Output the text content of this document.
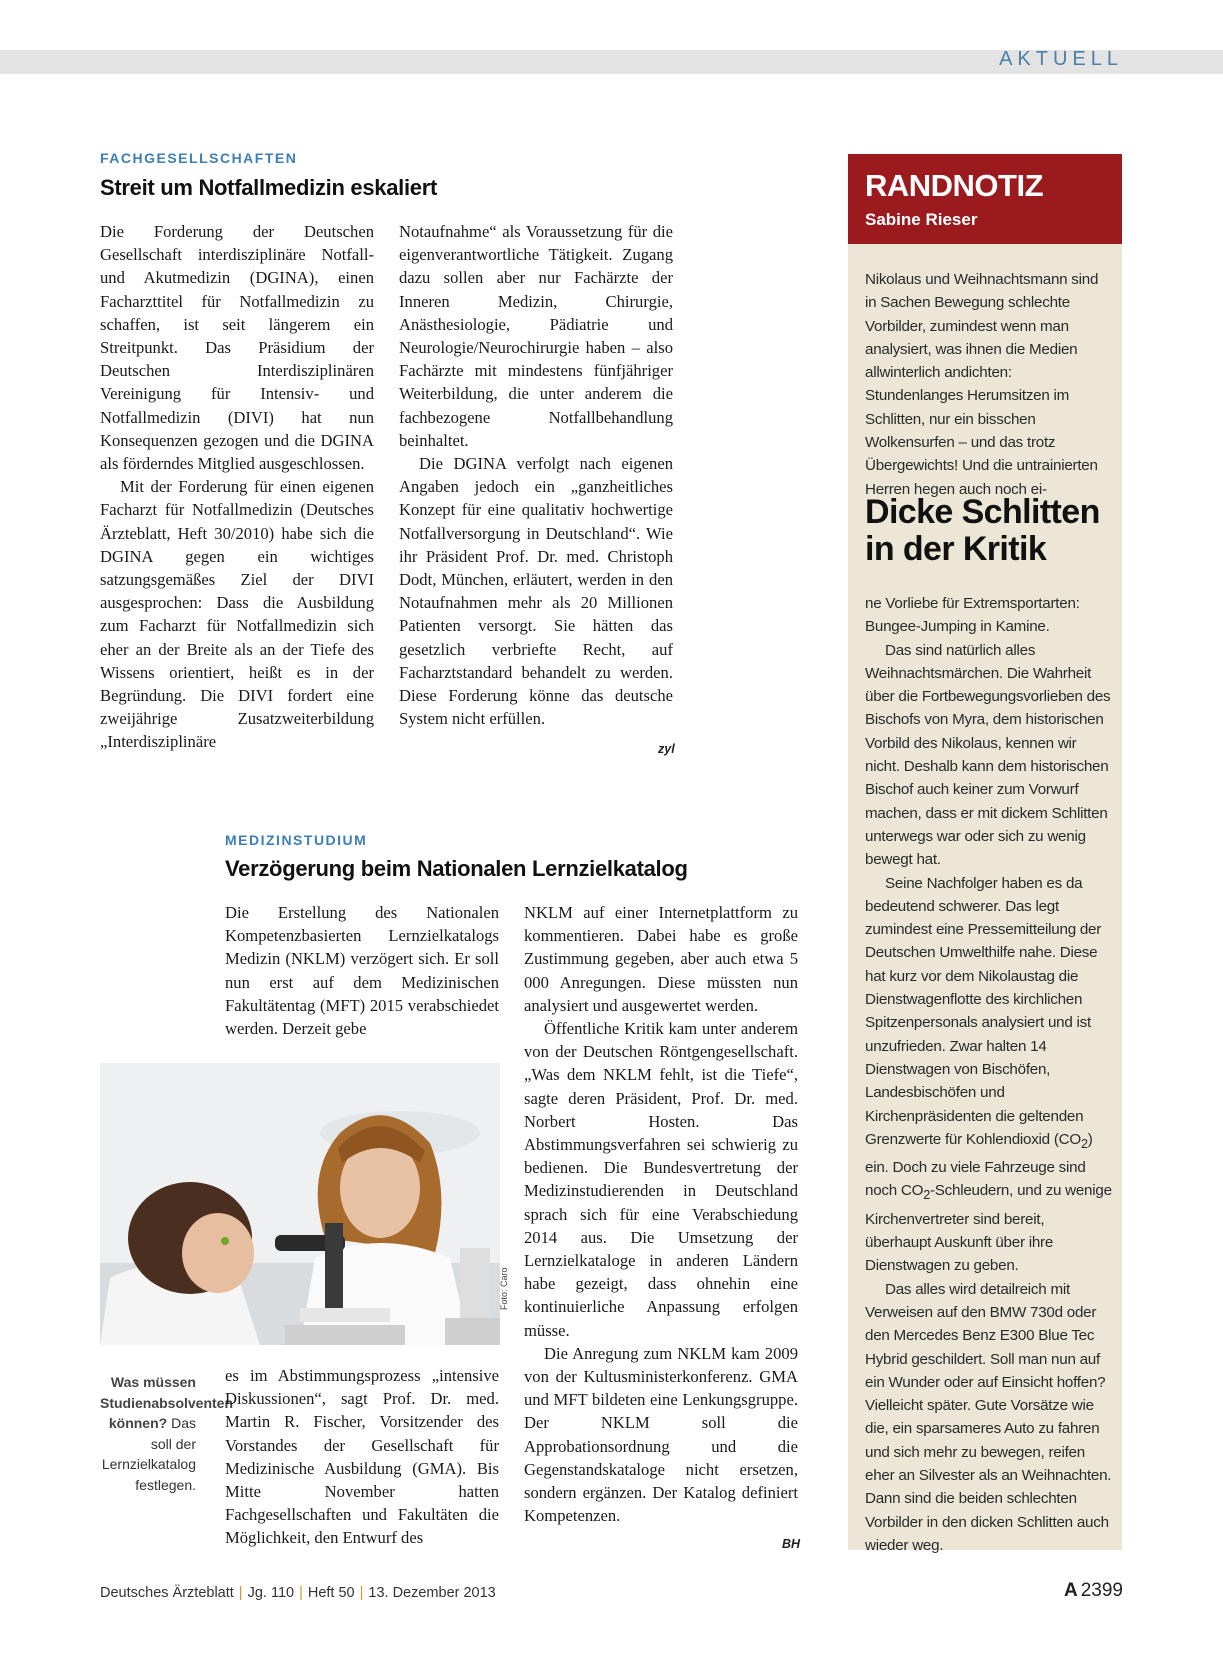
AKTUELL
FACHGESELLSCHAFTEN
Streit um Notfallmedizin eskaliert

Die Forderung der Deutschen Gesellschaft interdisziplinäre Notfall- und Akutmedizin (DGINA), einen Facharzttitel für Notfallmedizin zu schaffen, ist seit längerem ein Streitpunkt. Das Präsidium der Deutschen Interdisziplinären Vereinigung für Intensiv- und Notfallmedizin (DIVI) hat nun Konsequenzen gezogen und die DGINA als förderndes Mitglied ausgeschlossen.

Mit der Forderung für einen eigenen Facharzt für Notfallmedizin (Deutsches Ärzteblatt, Heft 30/2010) habe sich die DGINA gegen ein wichtiges satzungsgemäßes Ziel der DIVI ausgesprochen: Dass die Ausbildung zum Facharzt für Notfallmedizin sich eher an der Breite als an der Tiefe des Wissens orientiert, heißt es in der Begründung. Die DIVI fordert eine zweijährige Zusatzweiterbildung „Interdisziplinäre

Notaufnahme“ als Voraussetzung für die eigenverantwortliche Tätigkeit. Zugang dazu sollen aber nur Fachärzte der Inneren Medizin, Chirurgie, Anästhesiologie, Pädiatrie und Neurologie/Neurochirurgie haben – also Fachärzte mit mindestens fünfjähriger Weiterbildung, die unter anderem die fachbezogene Notfallbehandlung beinhaltet.

Die DGINA verfolgt nach eigenen Angaben jedoch ein „ganzheitliches Konzept für eine qualitativ hochwertige Notfallversorgung in Deutschland“. Wie ihr Präsident Prof. Dr. med. Christoph Dodt, München, erläutert, werden in den Notaufnahmen mehr als 20 Millionen Patienten versorgt. Sie hätten das gesetzlich verbriefte Recht, auf Facharztstandard behandelt zu werden. Diese Forderung könne das deutsche System nicht erfüllen.

zyl
MEDIZINSTUDIUM
Verzögerung beim Nationalen Lernzielkatalog

Die Erstellung des Nationalen Kompetenzbasierten Lernzielkatalogs Medizin (NKLM) verzögert sich. Er soll nun erst auf dem Medizinischen Fakultätentag (MFT) 2015 verabschiedet werden. Derzeit gebe

Foto: Caro
Was müssen Studienabsolventen können? Das soll der Lernzielkatalog festlegen.

es im Abstimmungsprozess „intensive Diskussionen“, sagt Prof. Dr. med. Martin R. Fischer, Vorsitzender des Vorstandes der Gesellschaft für Medizinische Ausbildung (GMA). Bis Mitte November hatten Fachgesellschaften und Fakultäten die Möglichkeit, den Entwurf des

NKLM auf einer Internetplattform zu kommentieren. Dabei habe es große Zustimmung gegeben, aber auch etwa 5 000 Anregungen. Diese müssten nun analysiert und ausgewertet werden.

Öffentliche Kritik kam unter anderem von der Deutschen Röntgengesellschaft. „Was dem NKLM fehlt, ist die Tiefe“, sagte deren Präsident, Prof. Dr. med. Norbert Hosten. Das Abstimmungsverfahren sei schwierig zu bedienen. Die Bundesvertretung der Medizinstudierenden in Deutschland sprach sich für eine Verabschiedung 2014 aus. Die Umsetzung der Lernzielkataloge in anderen Ländern habe gezeigt, dass ohnehin eine kontinuierliche Anpassung erfolgen müsse.

Die Anregung zum NKLM kam 2009 von der Kultusministerkonferenz. GMA und MFT bildeten eine Lenkungsgruppe. Der NKLM soll die Approbationsordnung und die Gegenstandskataloge nicht ersetzen, sondern ergänzen. Der Katalog definiert Kompetenzen.

BH
RANDNOTIZ
Sabine Rieser

Nikolaus und Weihnachtsmann sind in Sachen Bewegung schlechte Vorbilder, zumindest wenn man analysiert, was ihnen die Medien allwinterlich andichten: Stundenlanges Herumsitzen im Schlitten, nur ein bisschen Wolkensurfen – und das trotz Übergewichts! Und die untrainierten Herren hegen auch noch ei-

Dicke Schlitten in der Kritik

ne Vorliebe für Extremsportarten: Bungee-Jumping in Kamine.

Das sind natürlich alles Weihnachtsmärchen. Die Wahrheit über die Fortbewegungsvorlieben des Bischofs von Myra, dem historischen Vorbild des Nikolaus, kennen wir nicht. Deshalb kann dem historischen Bischof auch keiner zum Vorwurf machen, dass er mit dickem Schlitten unterwegs war oder sich zu wenig bewegt hat.

Seine Nachfolger haben es da bedeutend schwerer. Das legt zumindest eine Pressemitteilung der Deutschen Umwelthilfe nahe. Diese hat kurz vor dem Nikolaustag die Dienstwagenflotte des kirchlichen Spitzenpersonals analysiert und ist unzufrieden. Zwar halten 14 Dienstwagen von Bischöfen, Landesbischöfen und Kirchenpräsidenten die geltenden Grenzwerte für Kohlendioxid $(CO_2)$ ein. Doch zu viele Fahrzeuge sind noch $CO_2$-Schleudern, und zu wenige Kirchenvertreter sind bereit, überhaupt Auskunft über ihre Dienstwagen zu geben.

Das alles wird detailreich mit Verweisen auf den BMW 730d oder den Mercedes Benz E300 Blue Tec Hybrid geschildert. Soll man nun auf ein Wunder oder auf Einsicht hoffen? Vielleicht später. Gute Vorsätze wie die, ein sparsameres Auto zu fahren und sich mehr zu bewegen, reifen eher an Silvester als an Weihnachten. Dann sind die beiden schlechten Vorbilder in den dicken Schlitten auch wieder weg.

Deutsches Ärzteblatt | Jg. 110 | Heft 50 | 13. Dezember 2013	A 2399
